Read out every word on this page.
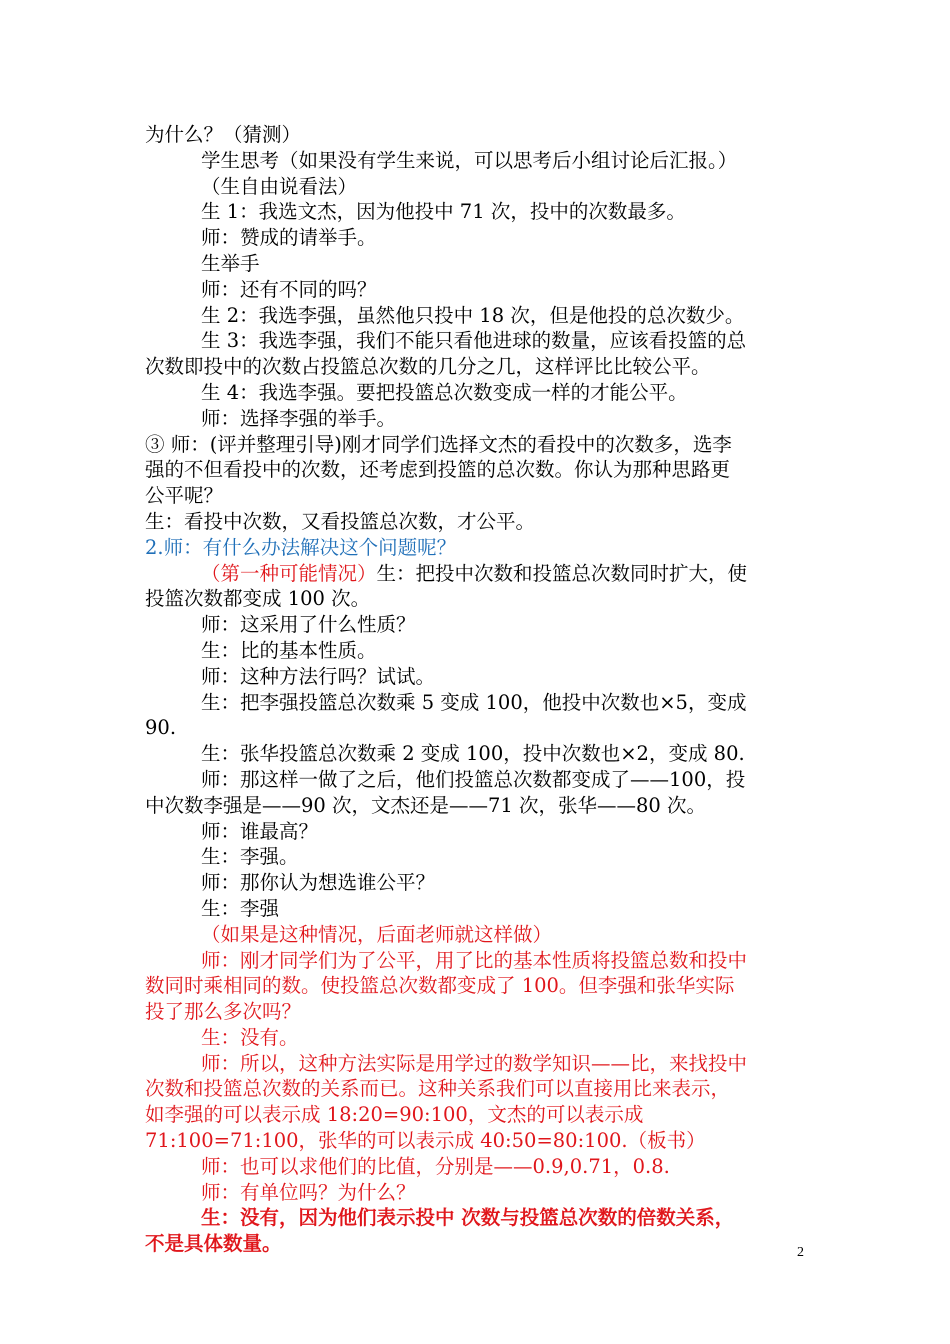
为什么？（猜测）
学生思考（如果没有学生来说，可以思考后小组讨论后汇报。）
（生自由说看法）
生 1：我选文杰，因为他投中 71 次，投中的次数最多。
师：赞成的请举手。
生举手
师：还有不同的吗？
生 2：我选李强，虽然他只投中 18 次，但是他投的总次数少。
生 3：我选李强，我们不能只看他进球的数量，应该看投篮的总
次数即投中的次数占投篮总次数的几分之几，这样评比比较公平。
生 4：我选李强。要把投篮总次数变成一样的才能公平。
师：选择李强的举手。
③ 师：(评并整理引导)刚才同学们选择文杰的看投中的次数多，选李
强的不但看投中的次数，还考虑到投篮的总次数。你认为那种思路更
公平呢？
生：看投中次数，又看投篮总次数，才公平。
2.师：有什么办法解决这个问题呢？
（第一种可能情况）生：把投中次数和投篮总次数同时扩大，使
投篮次数都变成 100 次。
师：这采用了什么性质？
生：比的基本性质。
师：这种方法行吗？试试。
生：把李强投篮总次数乘 5 变成 100，他投中次数也×5，变成
90.
生：张华投篮总次数乘 2 变成 100，投中次数也×2，变成 80.
师：那这样一做了之后，他们投篮总次数都变成了——100，投
中次数李强是——90 次，文杰还是——71 次，张华——80 次。
师：谁最高？
生：李强。
师：那你认为想选谁公平？
生：李强
（如果是这种情况，后面老师就这样做）
师：刚才同学们为了公平，用了比的基本性质将投篮总数和投中
数同时乘相同的数。使投篮总次数都变成了 100。但李强和张华实际
投了那么多次吗？
生：没有。
师：所以，这种方法实际是用学过的数学知识——比，来找投中
次数和投篮总次数的关系而已。这种关系我们可以直接用比来表示，
如李强的可以表示成 18:20=90:100，文杰的可以表示成
71:100=71:100，张华的可以表示成 40:50=80:100.（板书）
师：也可以求他们的比值，分别是——0.9,0.71，0.8.
师：有单位吗？为什么？
生：没有，因为他们表示投中 次数与投篮总次数的倍数关系，
不是具体数量。	2
